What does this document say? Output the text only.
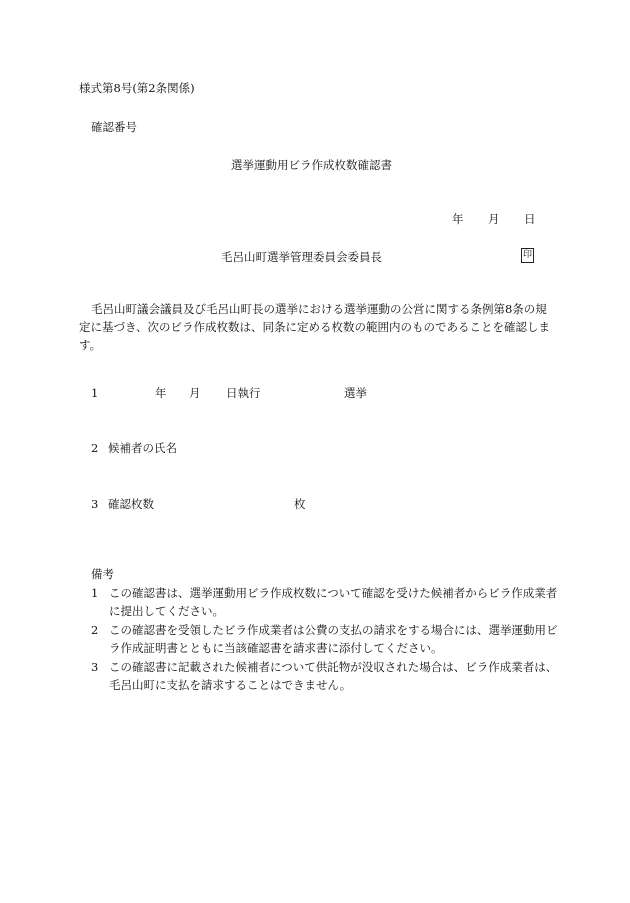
様式第8号(第2条関係)
確認番号
選挙運動用ビラ作成枚数確認書
年 月 日
毛呂山町選挙管理委員会委員長	印

毛呂山町議会議員及び毛呂山町長の選挙における選挙運動の公営に関する条例第8条の規定に基づき、次のビラ作成枚数は、同条に定める枚数の範囲内のものであることを確認します。

1	年 月 日執行	選挙
2 候補者の氏名
3 確認枚数	枚
備考
1 この確認書は、選挙運動用ビラ作成枚数について確認を受けた候補者からビラ作成業者に提出してください。
2 この確認書を受領したビラ作成業者は公費の支払の請求をする場合には、選挙運動用ビラ作成証明書とともに当該確認書を請求書に添付してください。
3 この確認書に記載された候補者について供託物が没収された場合は、ビラ作成業者は、毛呂山町に支払を請求することはできません。
